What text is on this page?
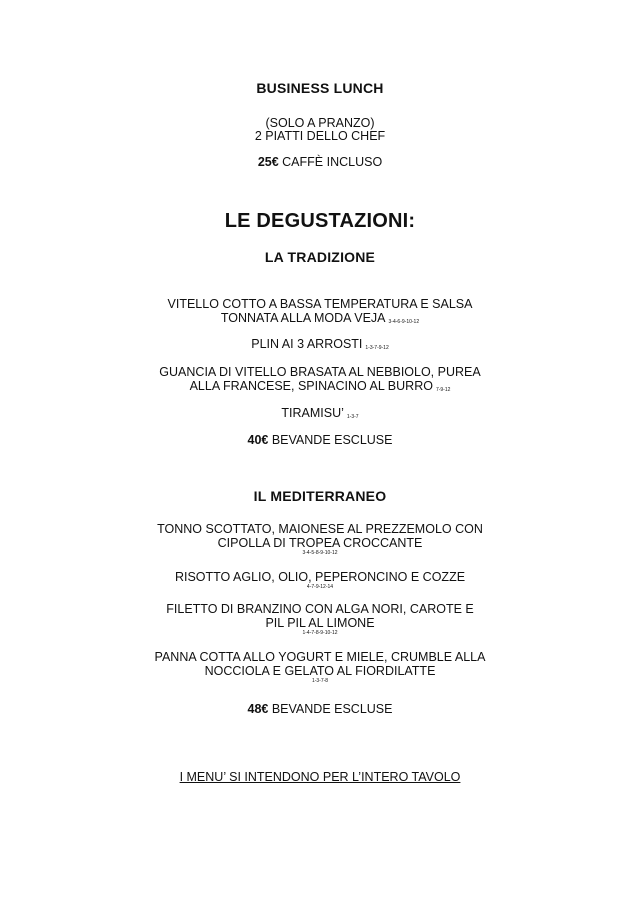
BUSINESS LUNCH
(SOLO A PRANZO)
2 PIATTI DELLO CHEF
25€ CAFFÈ INCLUSO
LE DEGUSTAZIONI:
LA TRADIZIONE
VITELLO COTTO A BASSA TEMPERATURA E SALSA
TONNATA ALLA MODA VEJA $_{3-4-6-9-10-12}$
PLIN AI 3 ARROSTI $_{1-3-7-9-12}$
GUANCIA DI VITELLO BRASATA AL NEBBIOLO, PUREA
ALLA FRANCESE, SPINACINO AL BURRO $_{7-9-12}$
TIRAMISU’ $_{1-3-7}$
40€ BEVANDE ESCLUSE
IL MEDITERRANEO
TONNO SCOTTATO, MAIONESE AL PREZZEMOLO CON
CIPOLLA DI TROPEA CROCCANTE
3-4-5-8-9-10-12
RISOTTO AGLIO, OLIO, PEPERONCINO E COZZE
4-7-9-12-14
FILETTO DI BRANZINO CON ALGA NORI, CAROTE E
PIL PIL AL LIMONE
1-4-7-8-9-10-12
PANNA COTTA ALLO YOGURT E MIELE, CRUMBLE ALLA
NOCCIOLA E GELATO AL FIORDILATTE
1-3-7-8
48€ BEVANDE ESCLUSE
I MENU’ SI INTENDONO PER L’INTERO TAVOLO
